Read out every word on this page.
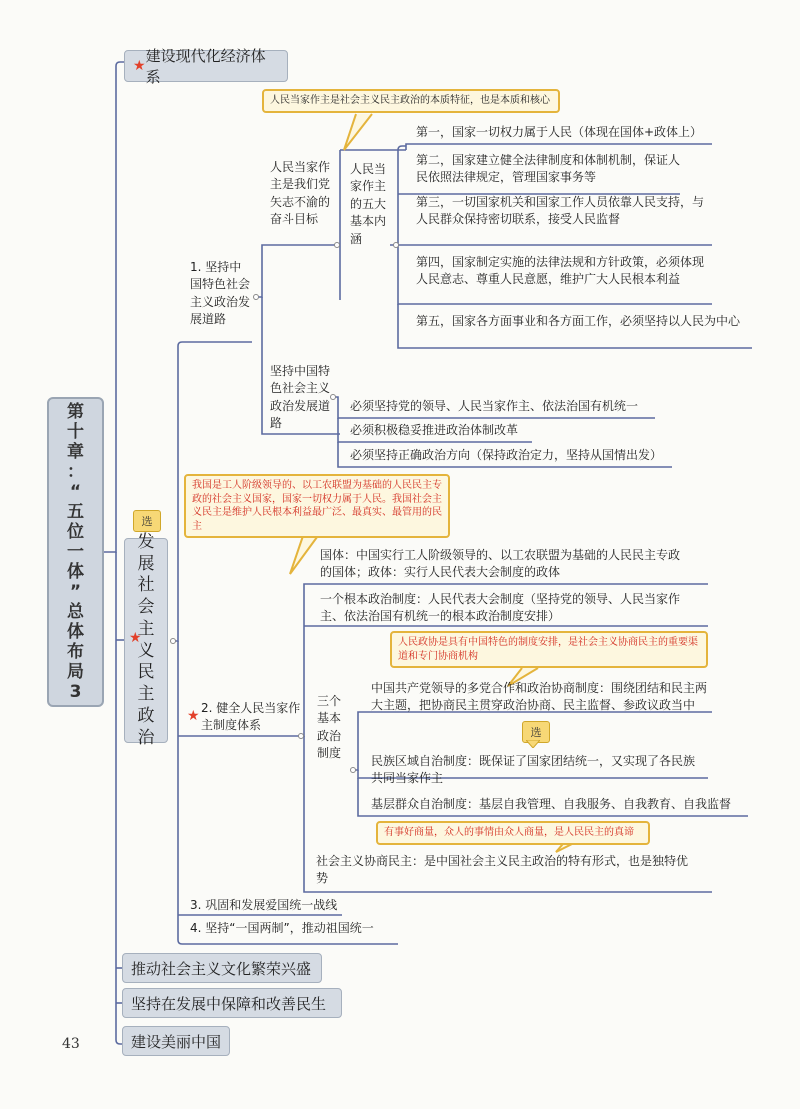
第
十
章
：
“
五
位
一
体
”
总
体
布
局
3
★
建设现代化经济体系
选
发
展
社
会
主
义
民
主
政
治
★
推动社会主义文化繁荣兴盛
坚持在发展中保障和改善民生
建设美丽中国
1. 坚持中国特色社会主义政治发展道路
人民当家作主是社会主义民主政治的本质特征，也是本质和核心
人民当家作主是我们党矢志不渝的奋斗目标
人民当家作主的五大基本内涵
第一，国家一切权力属于人民（体现在国体+政体上）
第二，国家建立健全法律制度和体制机制，保证人民依照法律规定，管理国家事务等
第三，一切国家机关和国家工作人员依靠人民支持，与人民群众保持密切联系，接受人民监督
第四，国家制定实施的法律法规和方针政策，必须体现人民意志、尊重人民意愿，维护广大人民根本利益
第五，国家各方面事业和各方面工作，必须坚持以人民为中心
坚持中国特色社会主义政治发展道路
必须坚持党的领导、人民当家作主、依法治国有机统一
必须积极稳妥推进政治体制改革
必须坚持正确政治方向（保持政治定力，坚持从国情出发）
我国是工人阶级领导的、以工农联盟为基础的人民民主专政的社会主义国家，国家一切权力属于人民。我国社会主义民主是维护人民根本利益最广泛、最真实、最管用的民主
★ 2. 健全人民当家作主制度体系
国体：中国实行工人阶级领导的、以工农联盟为基础的人民民主专政的国体；政体：实行人民代表大会制度的政体
一个根本政治制度：人民代表大会制度（坚持党的领导、人民当家作主、依法治国有机统一的根本政治制度安排）
人民政协是具有中国特色的制度安排，是社会主义协商民主的重要渠道和专门协商机构
三个基本政治制度
中国共产党领导的多党合作和政治协商制度：围绕团结和民主两大主题，把协商民主贯穿政治协商、民主监督、参政议政当中
选
民族区域自治制度：既保证了国家团结统一，又实现了各民族共同当家作主
基层群众自治制度：基层自我管理、自我服务、自我教育、自我监督
有事好商量，众人的事情由众人商量，是人民民主的真谛
社会主义协商民主：是中国社会主义民主政治的特有形式，也是独特优势
3. 巩固和发展爱国统一战线
4. 坚持“一国两制”，推动祖国统一
43
